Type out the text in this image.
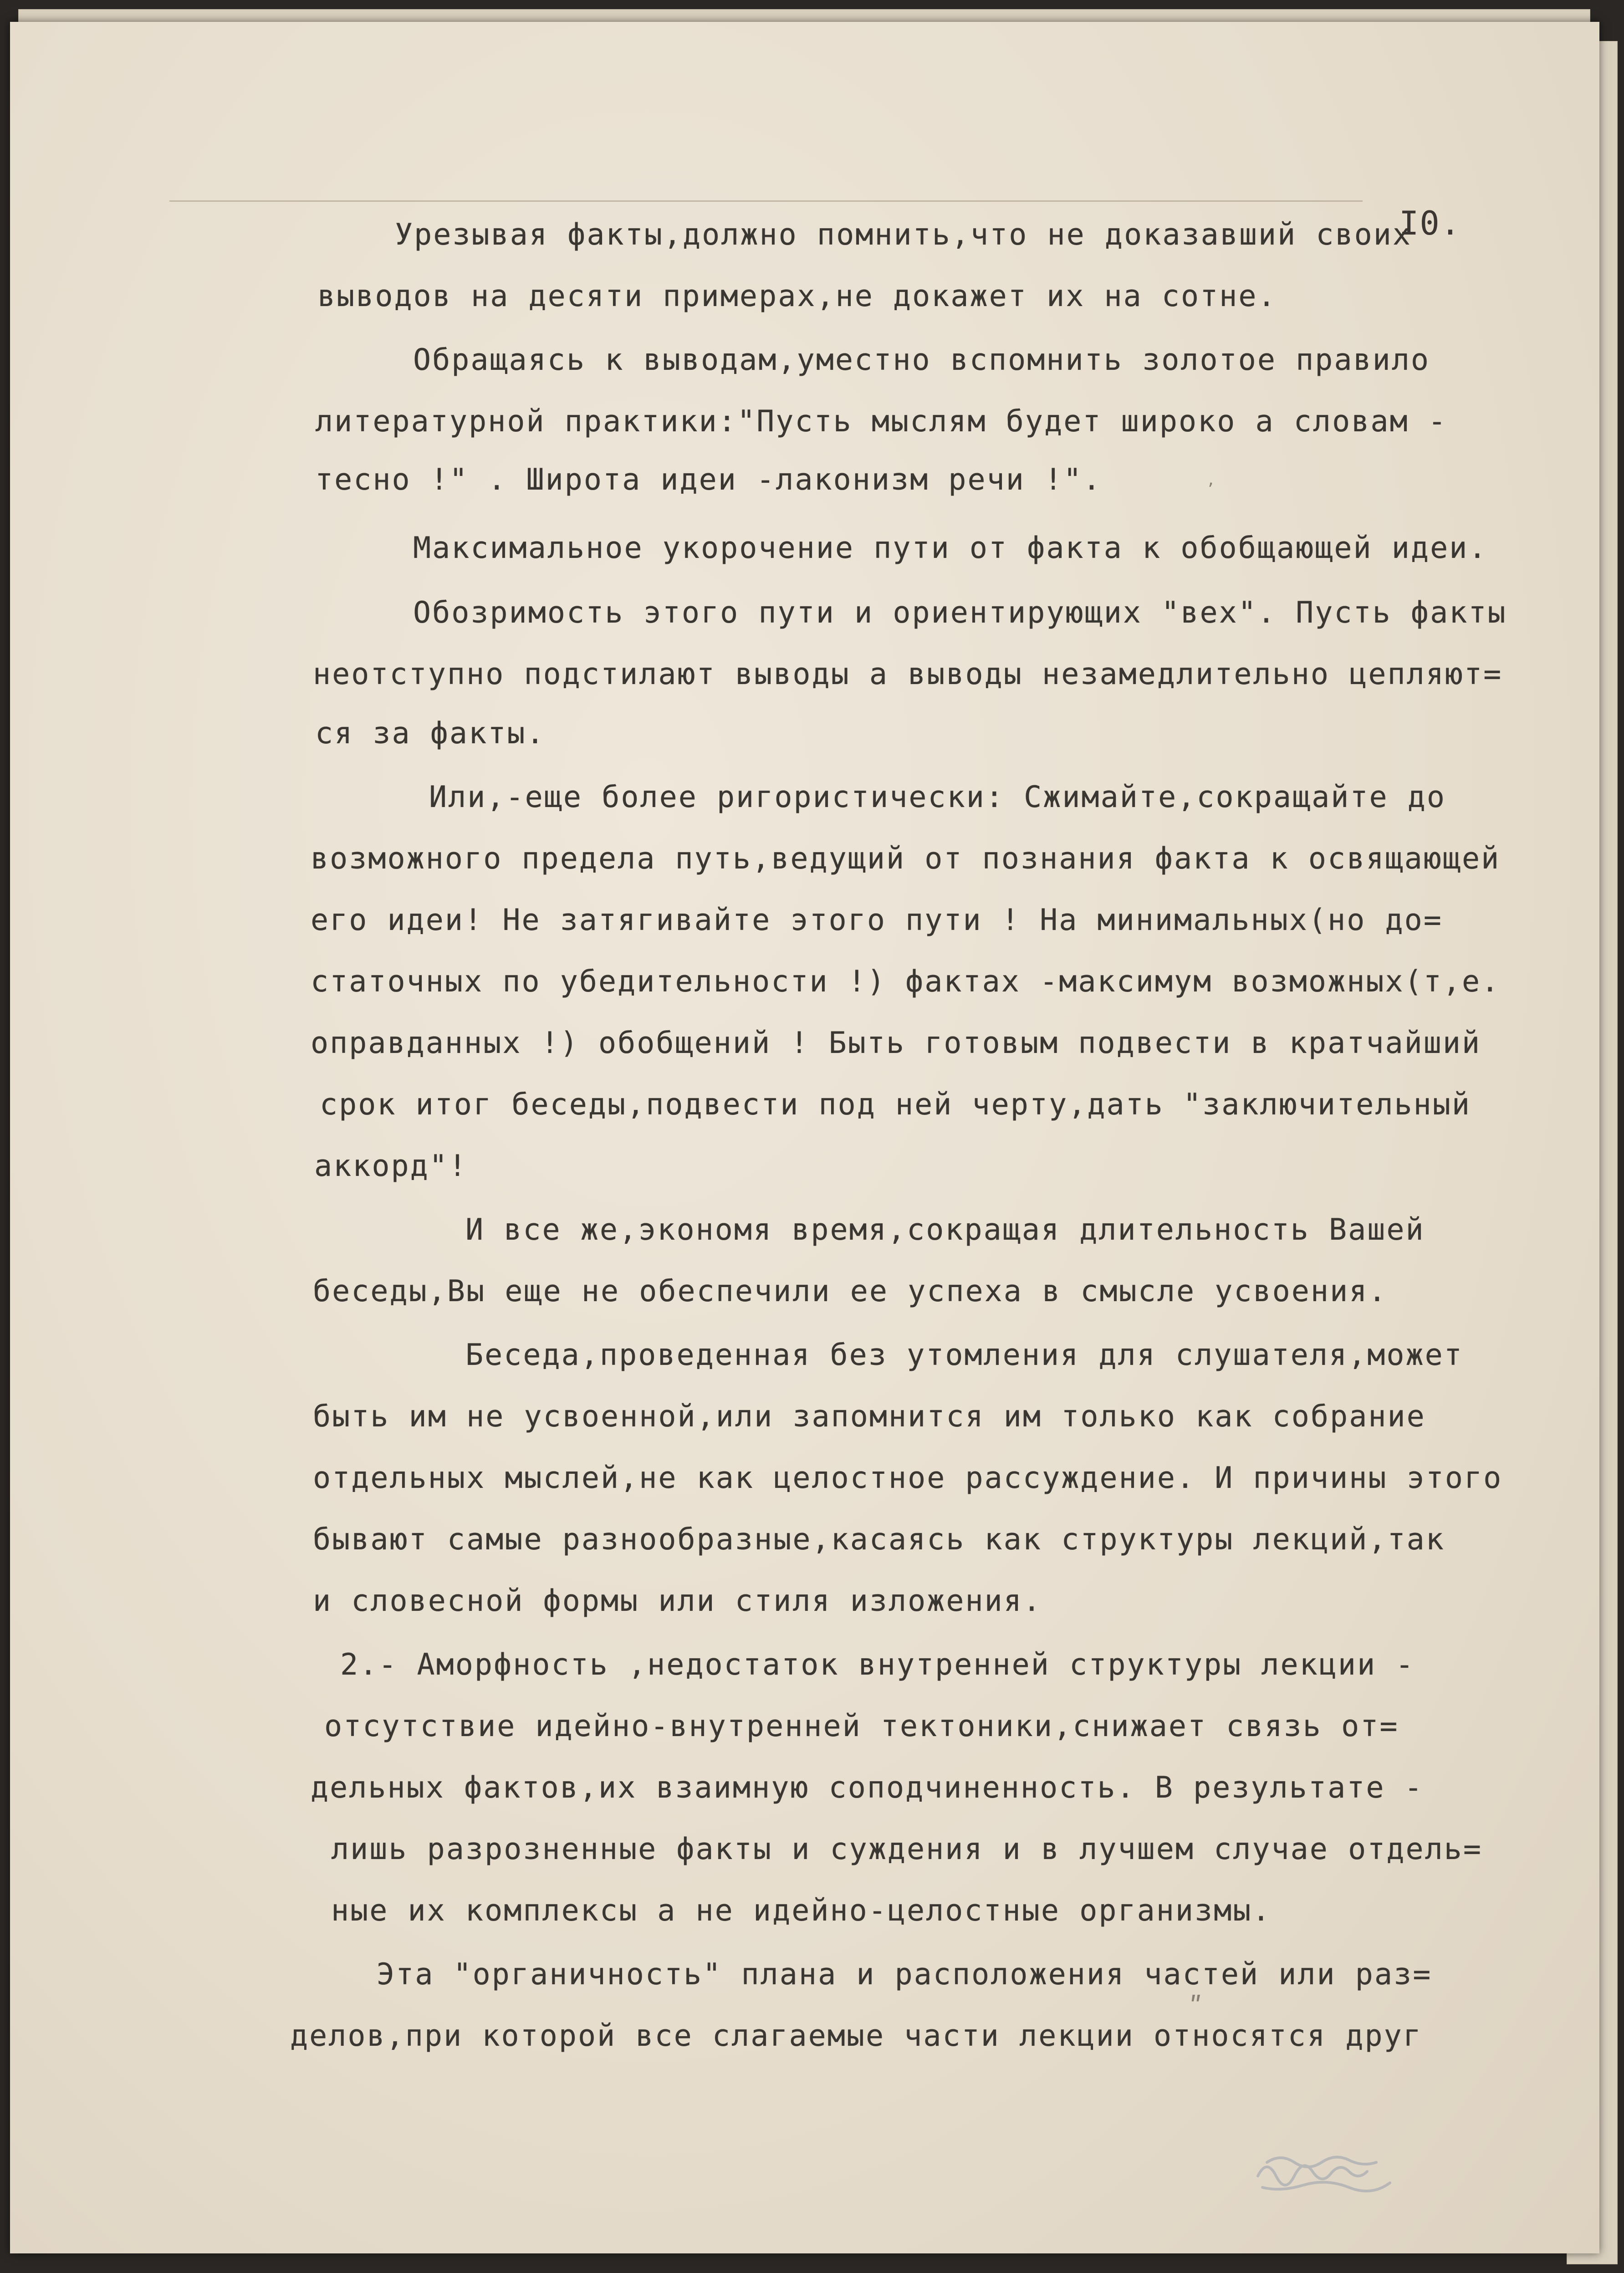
I0.
Урезывая факты,должно помнить,что не доказавший своих
выводов на десяти примерах,не докажет их на сотне.
Обращаясь к выводам,уместно вспомнить золотое правило
литературной практики:"Пусть мыслям будет широко а словам -
тесно !" . Широта идеи -лаконизм речи !".
Максимальное укорочение пути от факта к обобщающей идеи.
Обозримость этого пути и ориентирующих "вех". Пусть факты
неотступно подстилают выводы а выводы незамедлительно цепляют=
ся за факты.
Или,-еще более ригористически: Сжимайте,сокращайте до
возможного предела путь,ведущий от познания факта к освящающей
его идеи! Не затягивайте этого пути ! На минимальных(но до=
статочных по убедительности !) фактах -максимум возможных(т,е.
оправданных !) обобщений ! Быть готовым подвести в кратчайший
срок итог беседы,подвести под ней черту,дать "заключительный
аккорд"!
И все же,экономя время,сокращая длительность Вашей
беседы,Вы еще не обеспечили ее успеха в смысле усвоения.
Беседа,проведенная без утомления для слушателя,может
быть им не усвоенной,или запомнится им только как собрание
отдельных мыслей,не как целостное рассуждение. И причины этого
бывают самые разнообразные,касаясь как структуры лекций,так
и словесной формы или стиля изложения.
2.- Аморфность ,недостаток внутренней структуры лекции -
отсутствие идейно-внутренней тектоники,снижает связь от=
дельных фактов,их взаимную соподчиненность. В результате -
лишь разрозненные факты и суждения и в лучшем случае отдель=
ные их комплексы а не идейно-целостные организмы.
Эта "органичность" плана и расположения частей или раз=
делов,при которой все слагаемые части лекции относятся друг
ʼ
ʺ
